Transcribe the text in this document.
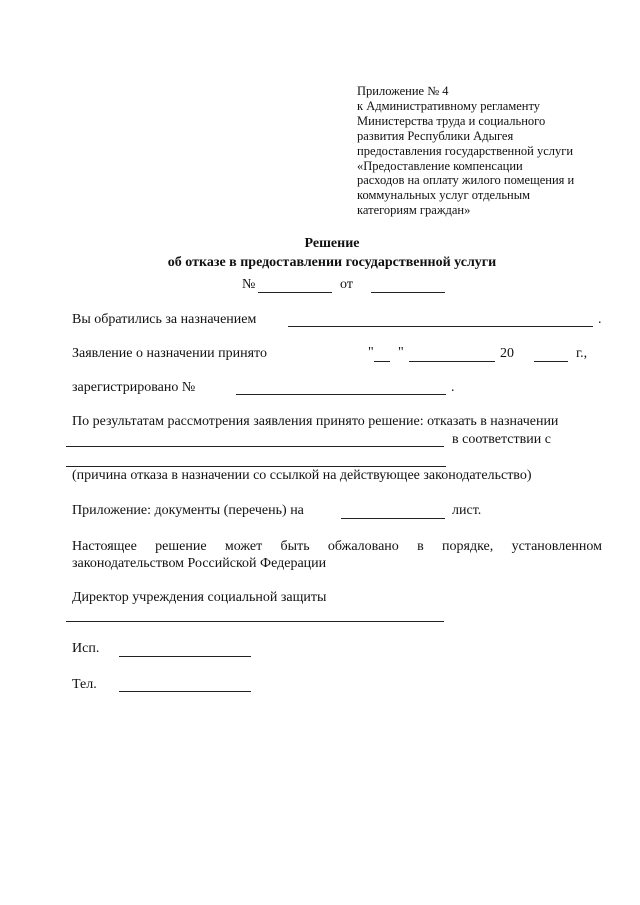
Приложение № 4
к Административному регламенту
Министерства труда и социального
развития Республики Адыгея
предоставления государственной услуги
«Предоставление компенсации
расходов на оплату жилого помещения и
коммунальных услуг отдельным
категориям граждан»
Решение
об отказе в предоставлении государственной услуги
№	от
Вы обратились за назначением	.
Заявление о назначении принято	" "	20	г.,
зарегистрировано №	.
По результатам рассмотрения заявления принято решение: отказать в назначении
в соответствии с
(причина отказа в назначении со ссылкой на действующее законодательство)
Приложение: документы (перечень) на	лист.
Настоящее решение может быть обжаловано в порядке, установленном законодательством Российской Федерации
Директор учреждения социальной защиты
Исп.
Тел.
